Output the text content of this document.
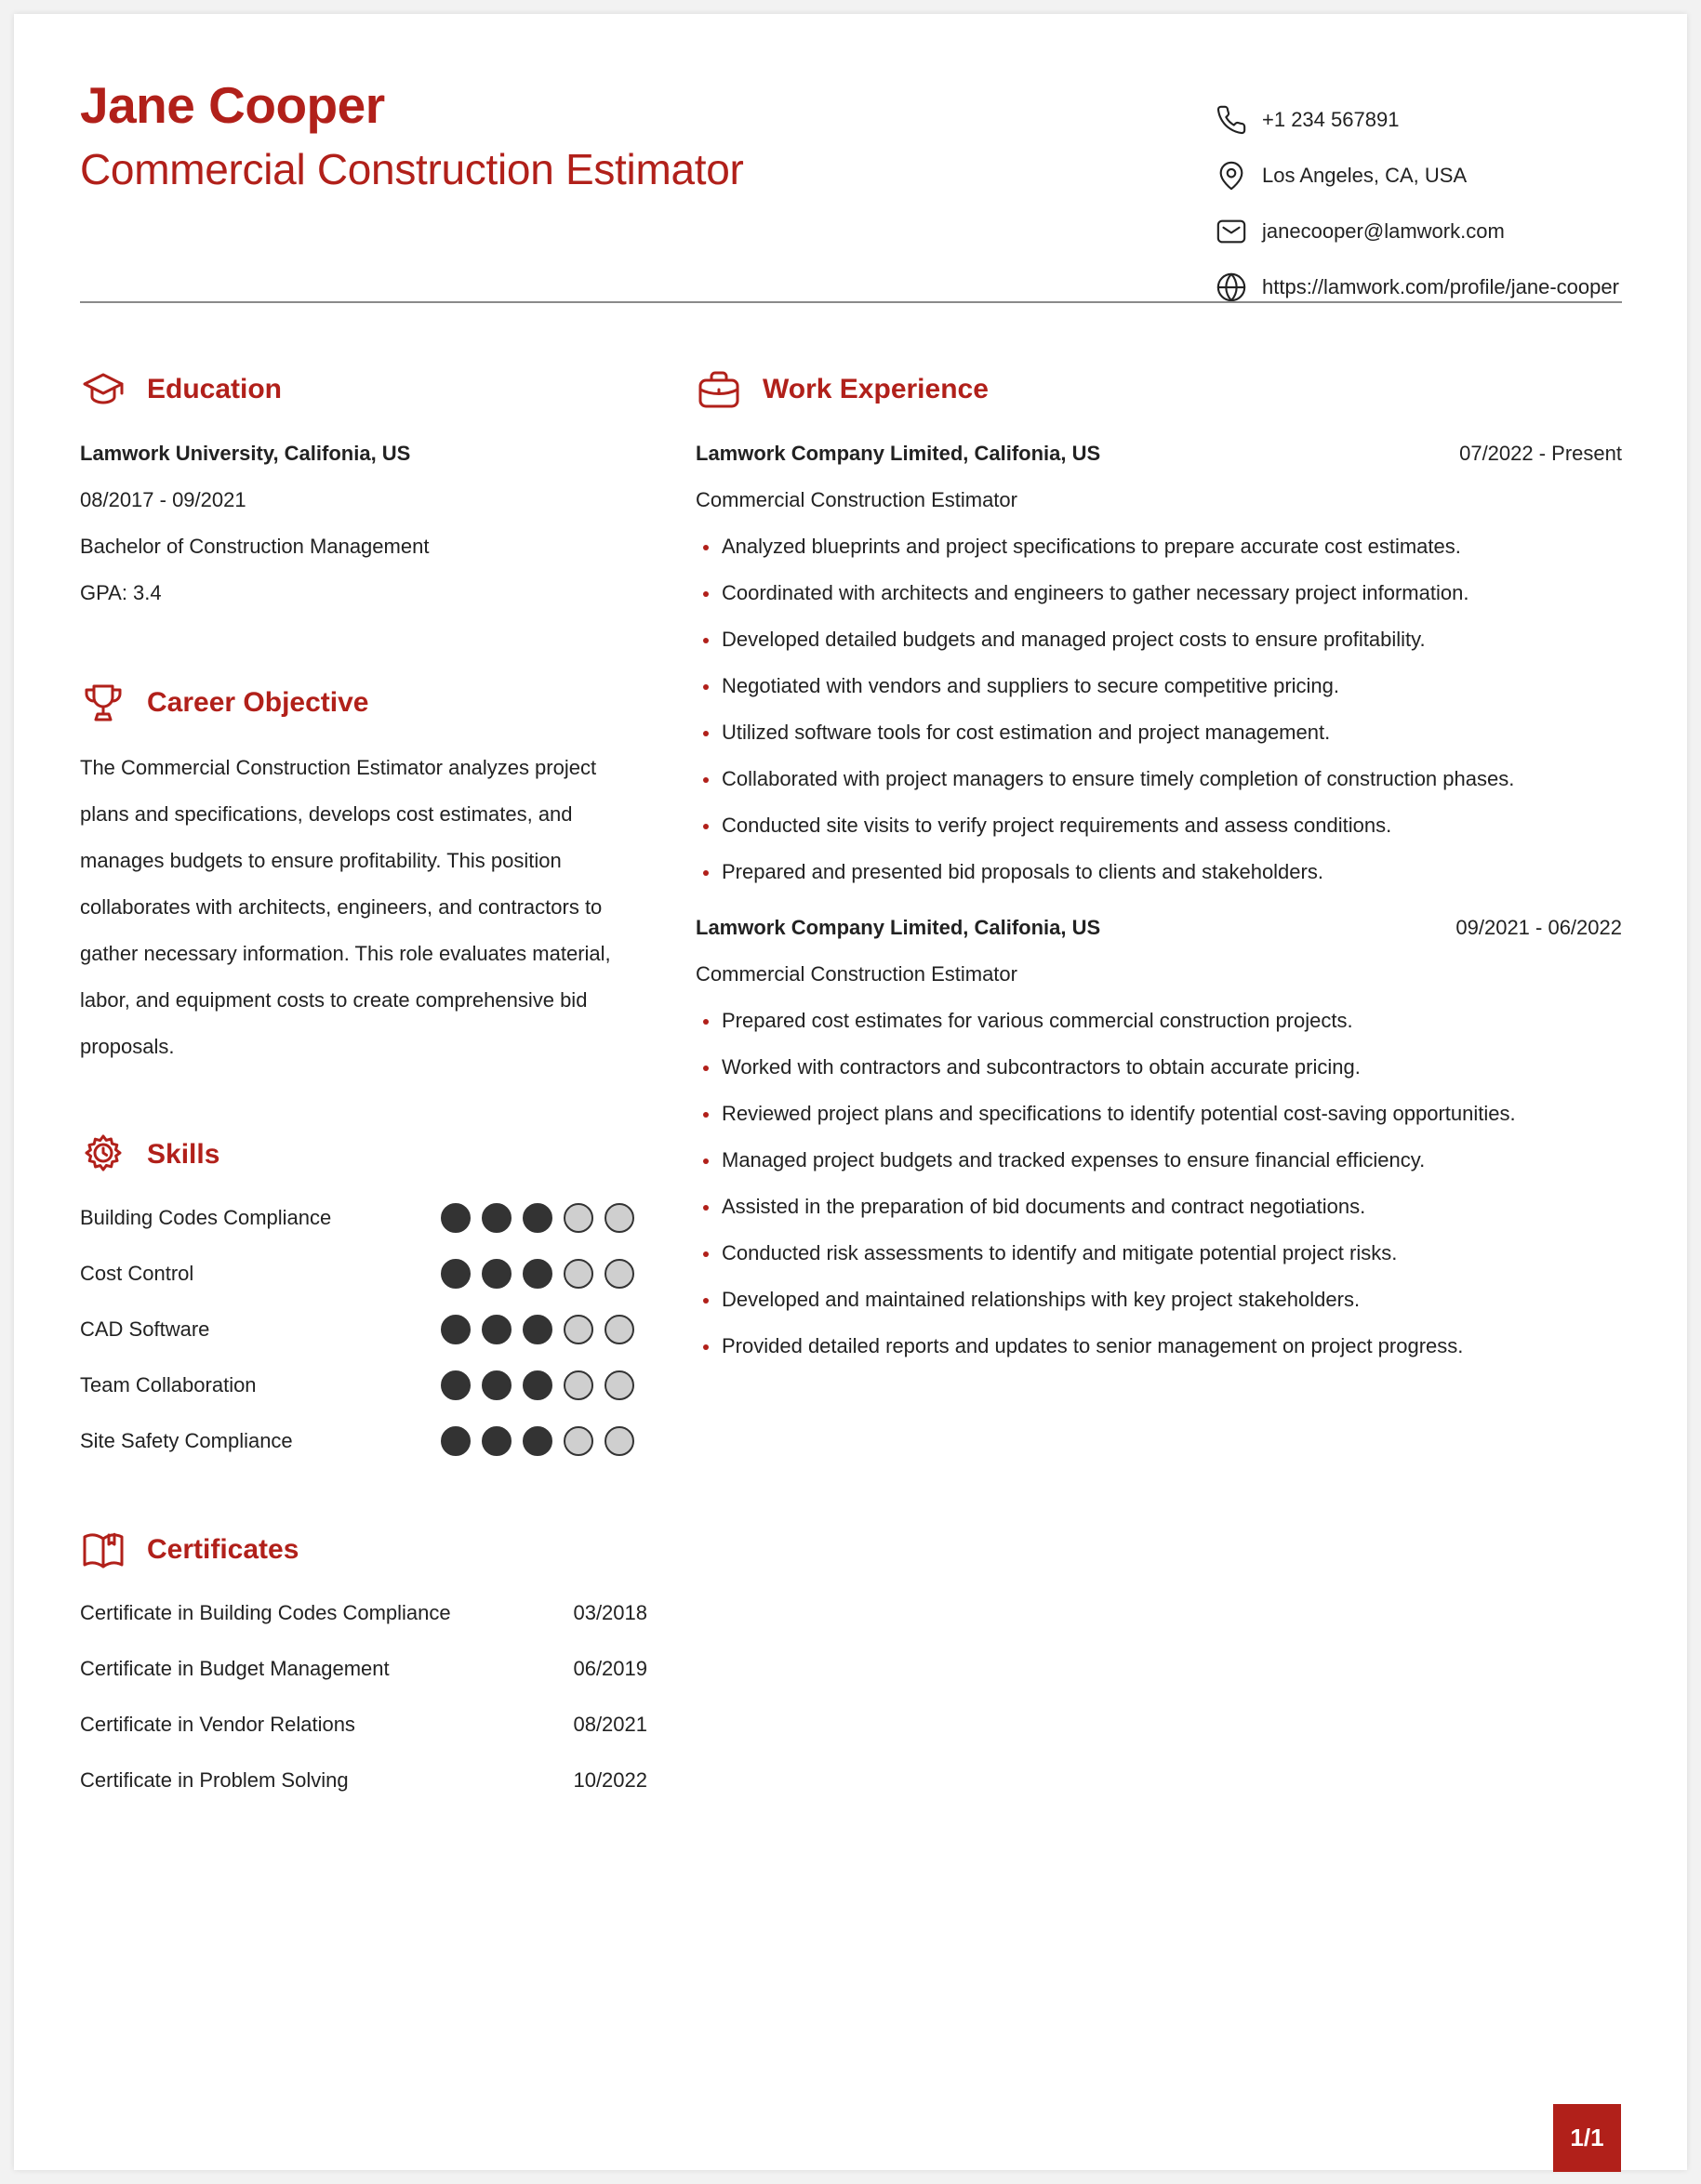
Jane Cooper
Commercial Construction Estimator
+1 234 567891
Los Angeles, CA, USA
janecooper@lamwork.com
https://lamwork.com/profile/jane-cooper
Education
Lamwork University, Califonia, US
08/2017 - 09/2021
Bachelor of Construction Management
GPA: 3.4
Career Objective
The Commercial Construction Estimator analyzes project plans and specifications, develops cost estimates, and manages budgets to ensure profitability. This position collaborates with architects, engineers, and contractors to gather necessary information. This role evaluates material, labor, and equipment costs to create comprehensive bid proposals.
Skills
Building Codes Compliance
Cost Control
CAD Software
Team Collaboration
Site Safety Compliance
Certificates
Certificate in Building Codes Compliance	03/2018
Certificate in Budget Management	06/2019
Certificate in Vendor Relations	08/2021
Certificate in Problem Solving	10/2022
Work Experience
Lamwork Company Limited, Califonia, US	07/2022 - Present
Commercial Construction Estimator
Analyzed blueprints and project specifications to prepare accurate cost estimates.
Coordinated with architects and engineers to gather necessary project information.
Developed detailed budgets and managed project costs to ensure profitability.
Negotiated with vendors and suppliers to secure competitive pricing.
Utilized software tools for cost estimation and project management.
Collaborated with project managers to ensure timely completion of construction phases.
Conducted site visits to verify project requirements and assess conditions.
Prepared and presented bid proposals to clients and stakeholders.
Lamwork Company Limited, Califonia, US	09/2021 - 06/2022
Commercial Construction Estimator
Prepared cost estimates for various commercial construction projects.
Worked with contractors and subcontractors to obtain accurate pricing.
Reviewed project plans and specifications to identify potential cost-saving opportunities.
Managed project budgets and tracked expenses to ensure financial efficiency.
Assisted in the preparation of bid documents and contract negotiations.
Conducted risk assessments to identify and mitigate potential project risks.
Developed and maintained relationships with key project stakeholders.
Provided detailed reports and updates to senior management on project progress.
1/1
